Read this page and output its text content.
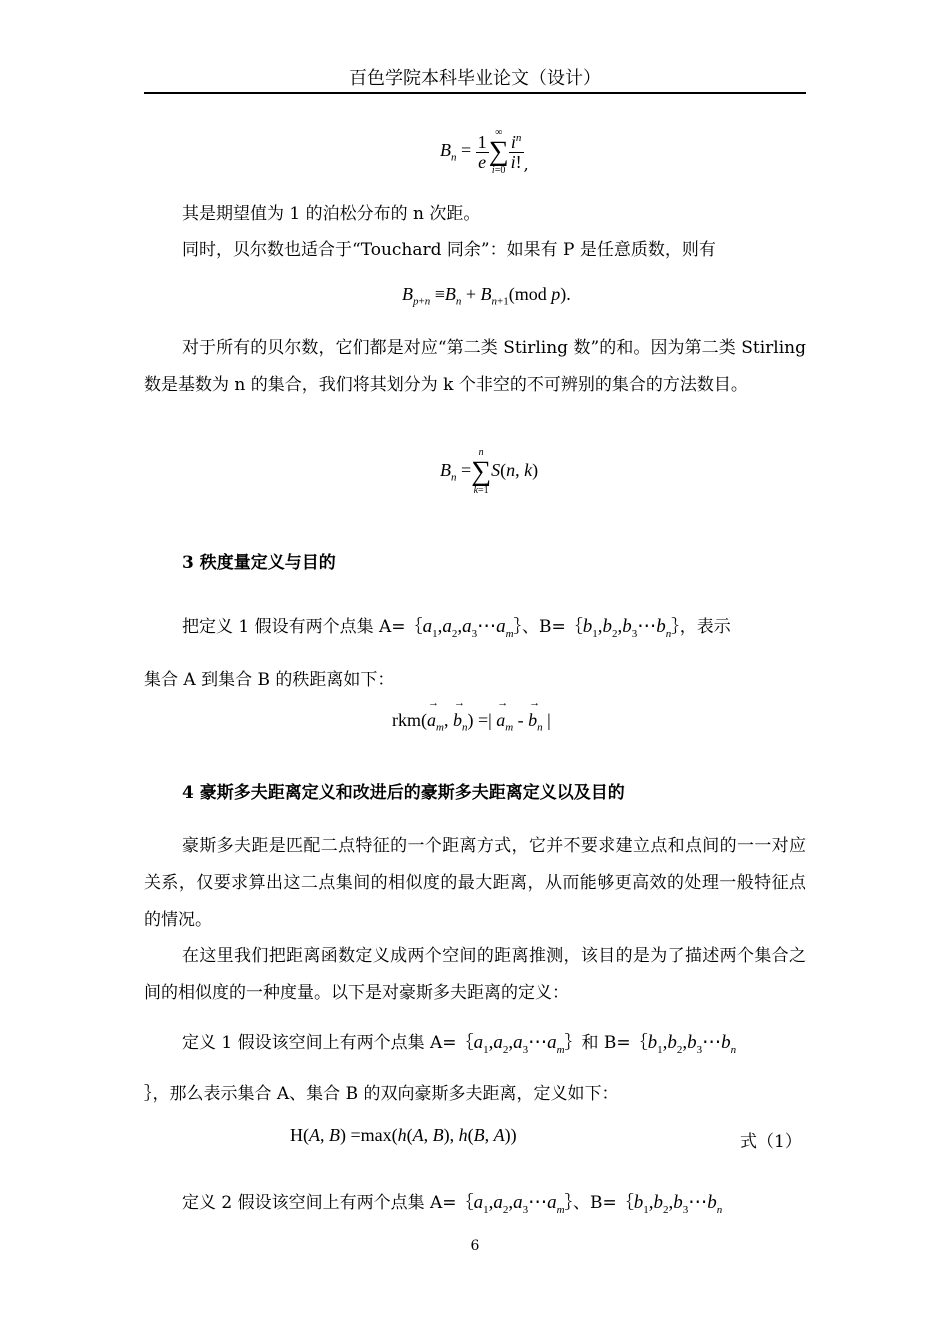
百色学院本科毕业论文（设计）
$B_n = \frac{1}{e}$
∞
∑
$i=0 \frac{i^n}{i!}$ ,

其是期望值为 1 的泊松分布的 n 次距。

同时，贝尔数也适合于“Touchard 同余”：如果有 P 是任意质数，则有

$B_{p+n} \equiv B_n + B_{n+1}(mod$ p).

对于所有的贝尔数，它们都是对应“第二类 Stirling 数”的和。因为第二类 Stirling 数是基数为 n 的集合，我们将其划分为 k 个非空的不可辨别的集合的方法数目。

$B_n$ =
n
∑
k=1
S(n, k)

3 秩度量定义与目的

把定义 1 假设有两个点集 $A=\{a_1,a_2,a_3\cdots a_m\}$、$B=\{b_1,b_2,b_3\cdots b_n\}$，表示

集合 A 到集合 B 的秩距离如下：

$rkm(\to a_m$, → $b_n$) =| → $a_m$ - → $b_n$ |

4 豪斯多夫距离定义和改进后的豪斯多夫距离定义以及目的

豪斯多夫距是匹配二点特征的一个距离方式，它并不要求建立点和点间的一一对应关系，仅要求算出这二点集间的相似度的最大距离，从而能够更高效的处理一般特征点的情况。

在这里我们把距离函数定义成两个空间的距离推测，该目的是为了描述两个集合之间的相似度的一种度量。以下是对豪斯多夫距离的定义：

定义 1 假设该空间上有两个点集 $A=\{a_1,a_2,a_3\cdots a_m\}$和 $B=\{b_1,b_2,b_3\cdots b_n$

｝，那么表示集合 A、集合 B 的双向豪斯多夫距离，定义如下：

H(A, B) =max(h(A, B), h(B, A))	式（1）

定义 2 假设该空间上有两个点集 $A=\{a_1,a_2,a_3\cdots a_m\}$、$B=\{b_1,b_2,b_3\cdots b_n$

6
